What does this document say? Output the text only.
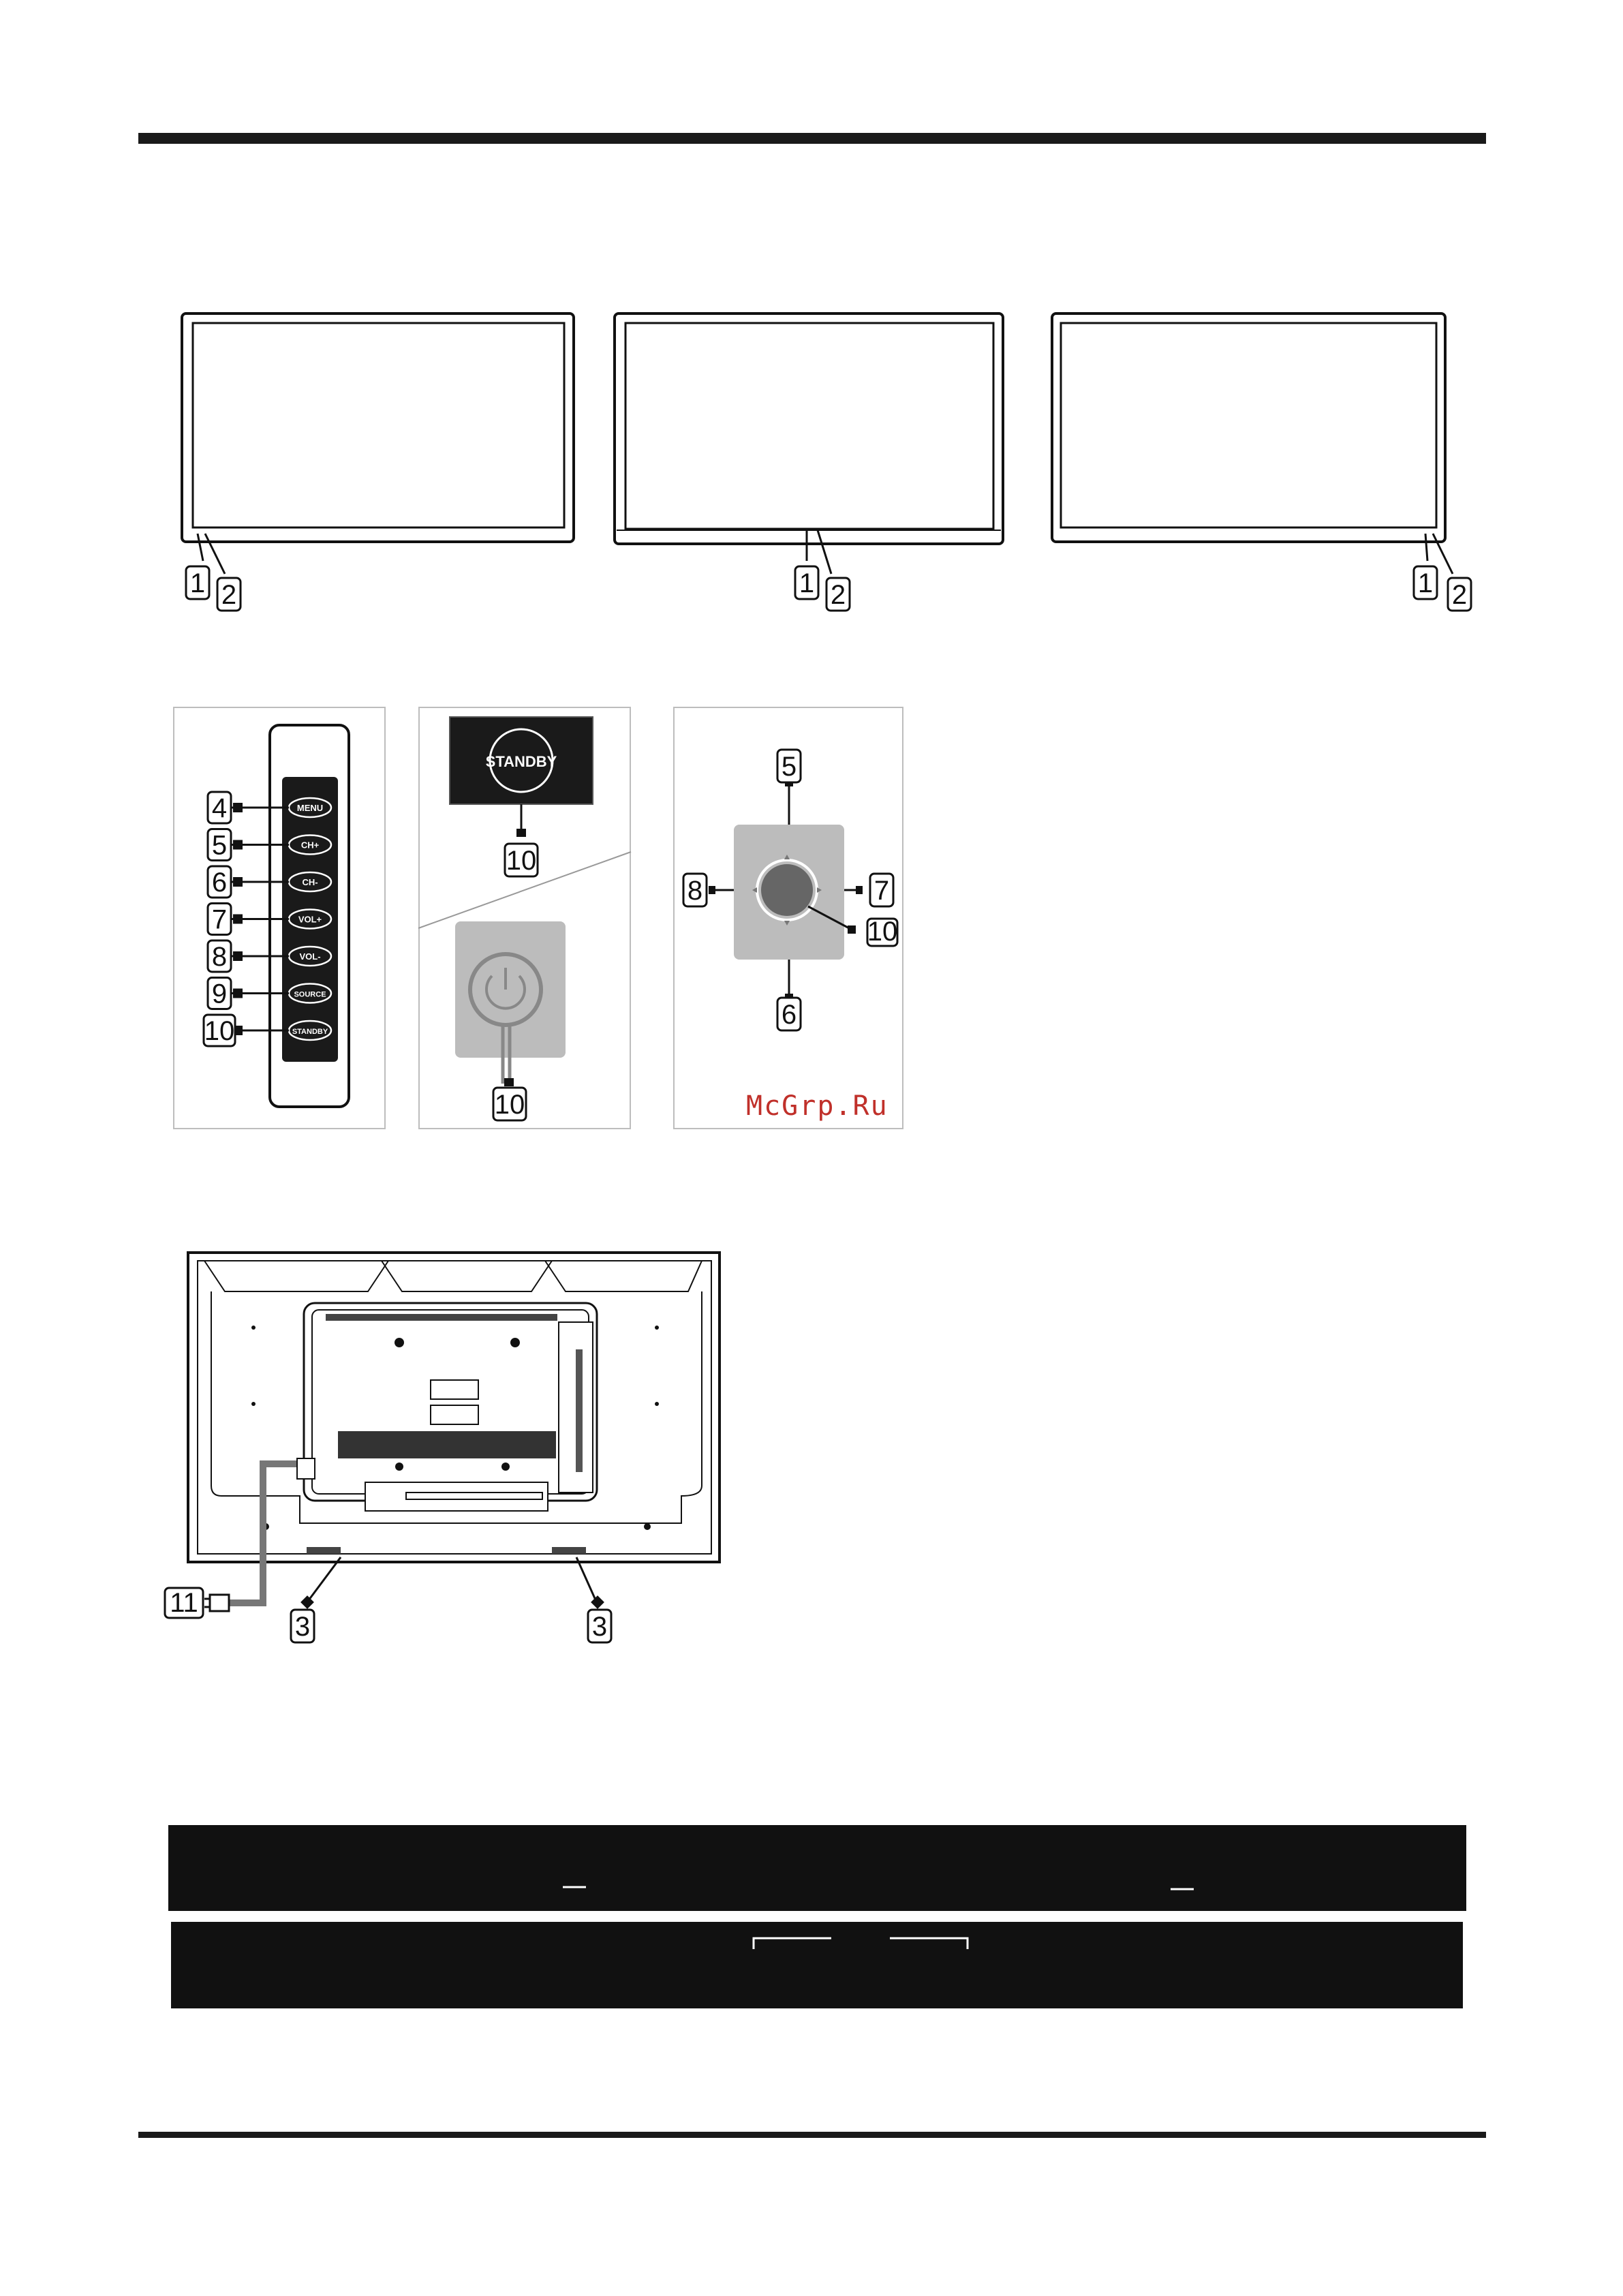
McGrp.Ru
1 2	1 2	1 2
MENU
4
CH+
5
CH-
6
VOL+
7
VOL-
8
SOURCE
9
STANDBY
10
STANDBY
10
10
5
6
8	7
10
11
3	3
